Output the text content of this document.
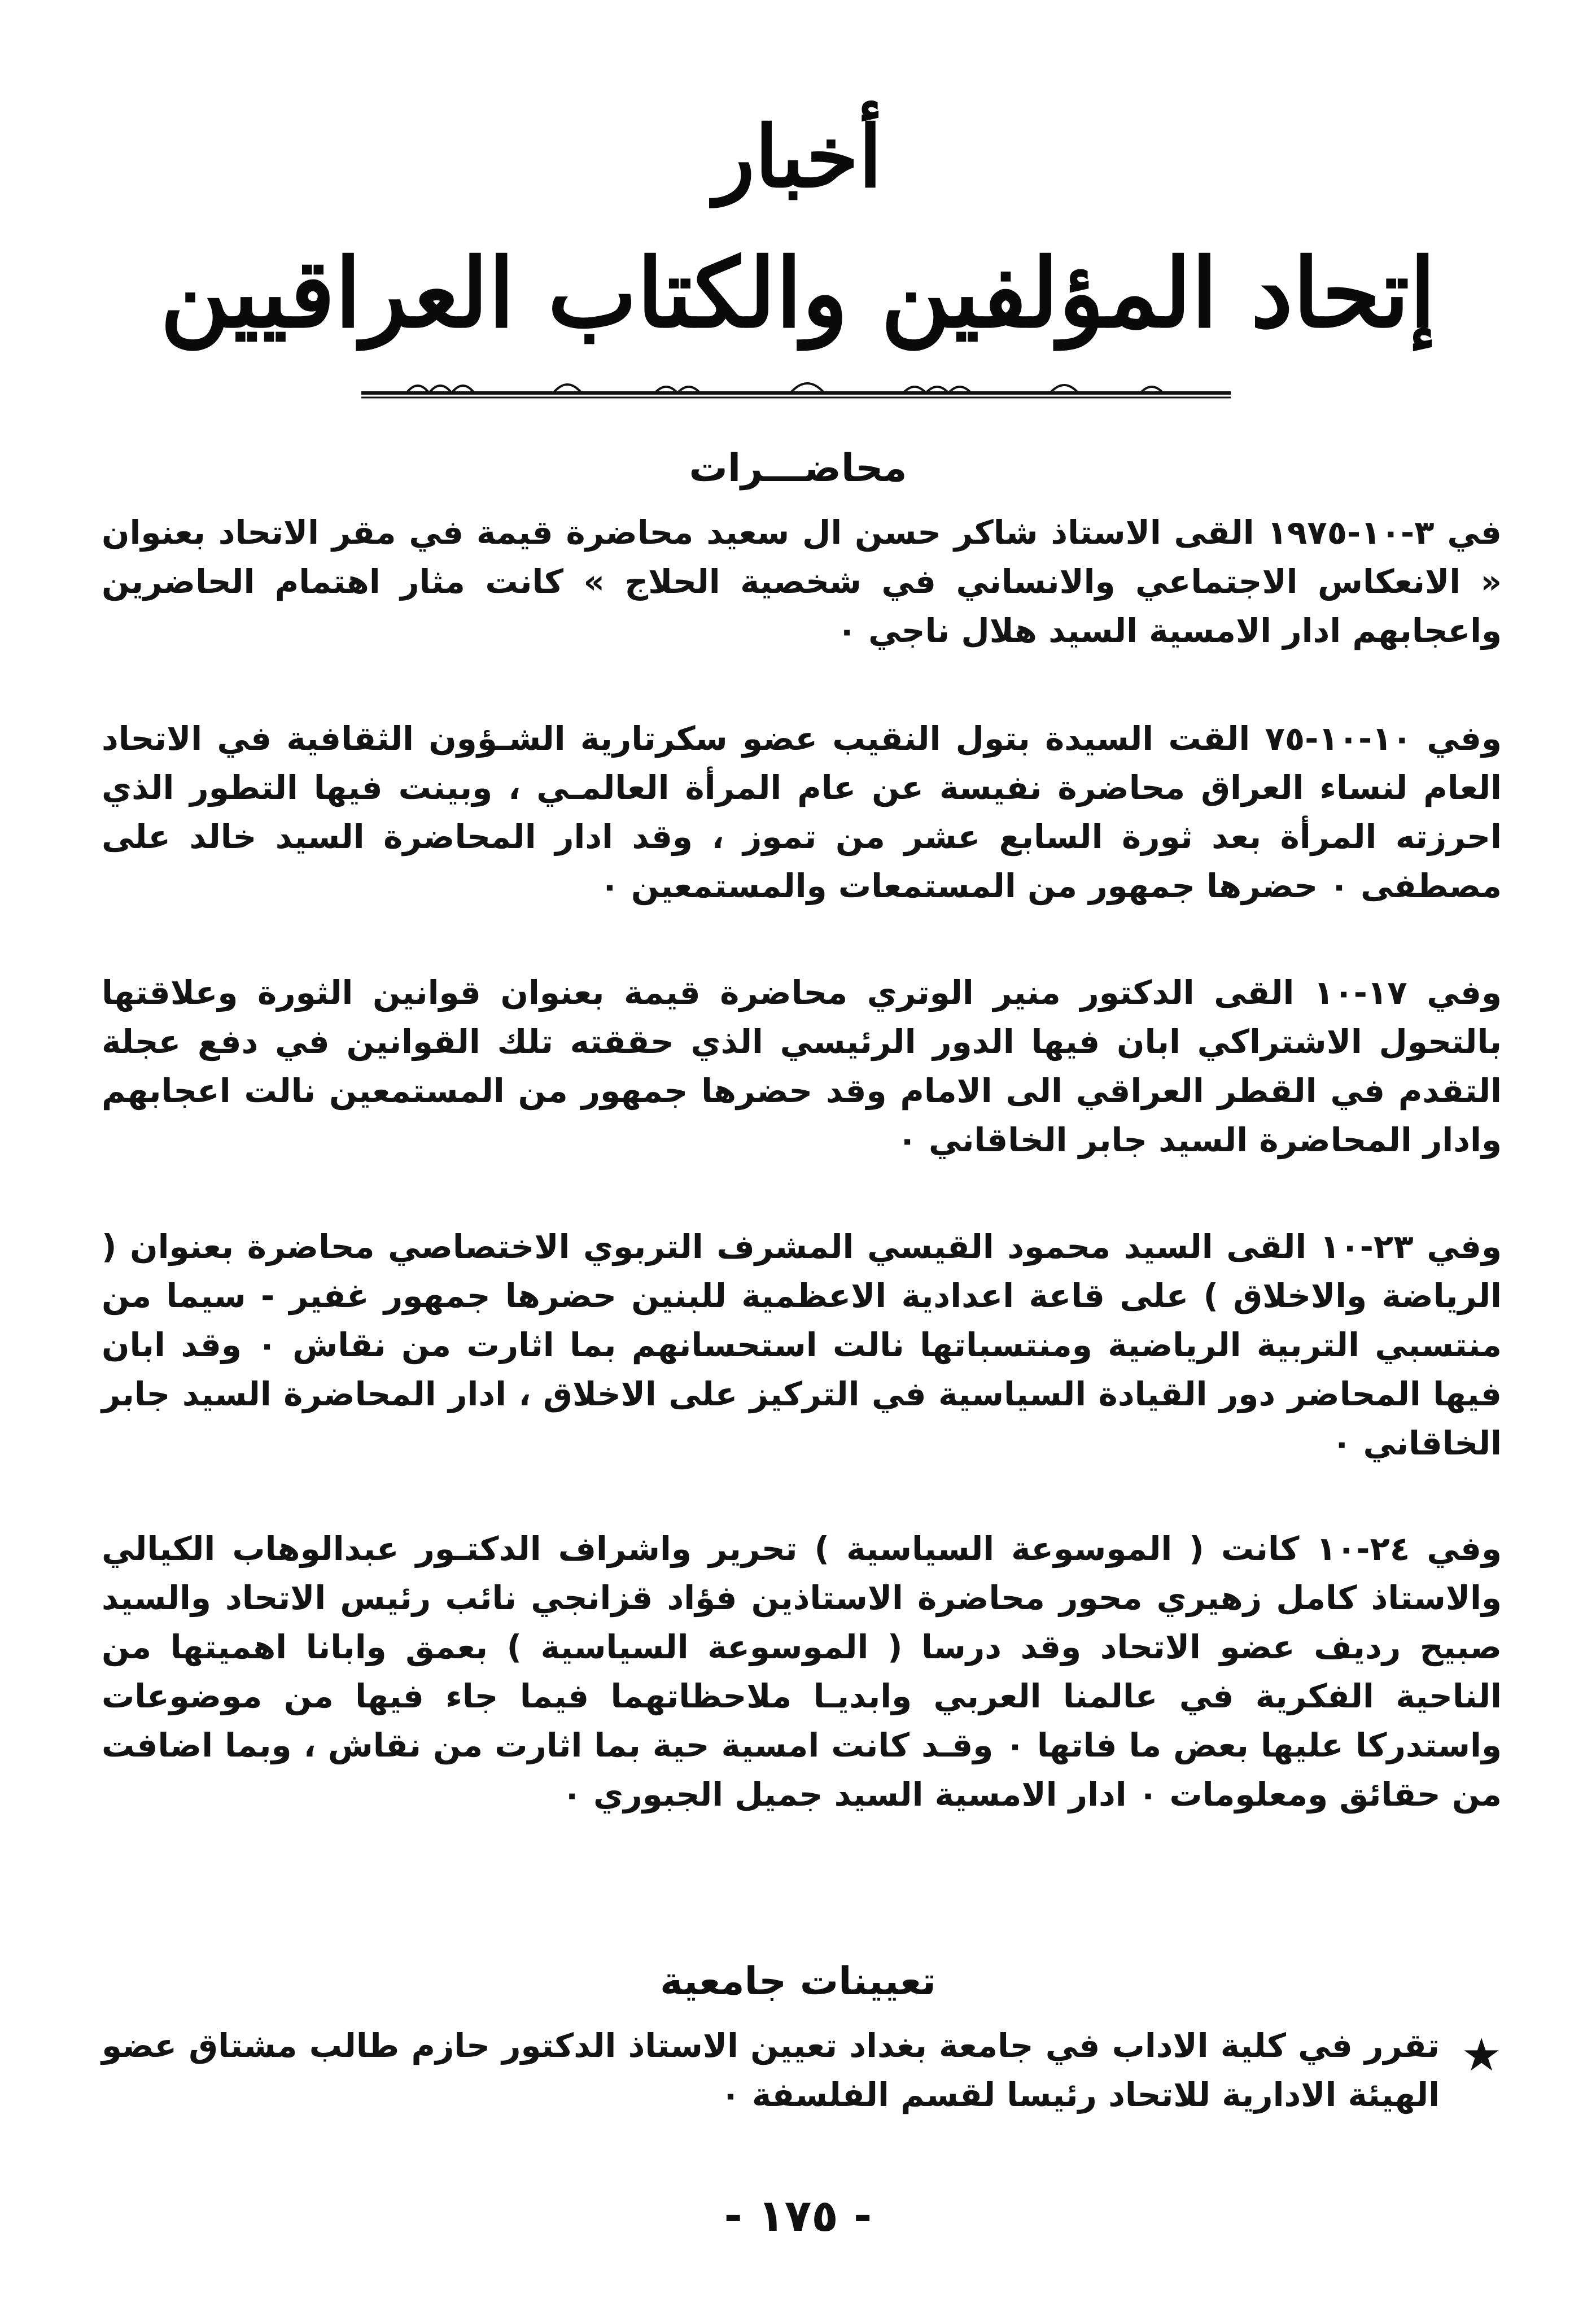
أخبار
إتحاد المؤلفين والكتاب العراقيين
محاضـــرات

في ٣-١٠-١٩٧٥ القى الاستاذ شاكر حسن ال سعيد محاضرة قيمة في مقر الاتحاد بعنوان « الانعكاس الاجتماعي والانساني في شخصية الحلاج » كانت مثار اهتمام الحاضرين واعجابهم ادار الامسية السيد هلال ناجي ٠

وفي ١٠-١٠-٧٥ القت السيدة بتول النقيب عضو سكرتارية الشـؤون الثقافية في الاتحاد العام لنساء العراق محاضرة نفيسة عن عام المرأة العالمـي ، وبينت فيها التطور الذي احرزته المرأة بعد ثورة السابع عشر من تموز ، وقد ادار المحاضرة السيد خالد على مصطفى ٠ حضرها جمهور من المستمعات والمستمعين ٠

وفي ١٧-١٠ القى الدكتور منير الوتري محاضرة قيمة بعنوان قوانين الثورة وعلاقتها بالتحول الاشتراكي ابان فيها الدور الرئيسي الذي حققته تلك القوانين في دفع عجلة التقدم في القطر العراقي الى الامام وقد حضرها جمهور من المستمعين نالت اعجابهم وادار المحاضرة السيد جابر الخاقاني ٠

وفي ٢٣-١٠ القى السيد محمود القيسي المشرف التربوي الاختصاصي محاضرة بعنوان ( الرياضة والاخلاق ) على قاعة اعدادية الاعظمية للبنين حضرها جمهور غفير - سيما من منتسبي التربية الرياضية ومنتسباتها نالت استحسانهم بما اثارت من نقاش ٠ وقد ابان فيها المحاضر دور القيادة السياسية في التركيز على الاخلاق ، ادار المحاضرة السيد جابر الخاقاني ٠

وفي ٢٤-١٠ كانت ( الموسوعة السياسية ) تحرير واشراف الدكتـور عبدالوهاب الكيالي والاستاذ كامل زهيري محور محاضرة الاستاذين فؤاد قزانجي نائب رئيس الاتحاد والسيد صبيح رديف عضو الاتحاد وقد درسا ( الموسوعة السياسية ) بعمق وابانا اهميتها من الناحية الفكرية في عالمنا العربي وابديـا ملاحظاتهما فيما جاء فيها من موضوعات واستدركا عليها بعض ما فاتها ٠ وقـد كانت امسية حية بما اثارت من نقاش ، وبما اضافت من حقائق ومعلومات ٠ ادار الامسية السيد جميل الجبوري ٠

تعيينات جامعية
★
تقرر في كلية الاداب في جامعة بغداد تعيين الاستاذ الدكتور حازم طالب مشتاق عضو الهيئة الادارية للاتحاد رئيسا لقسم الفلسفة ٠
- ١٧٥ -
